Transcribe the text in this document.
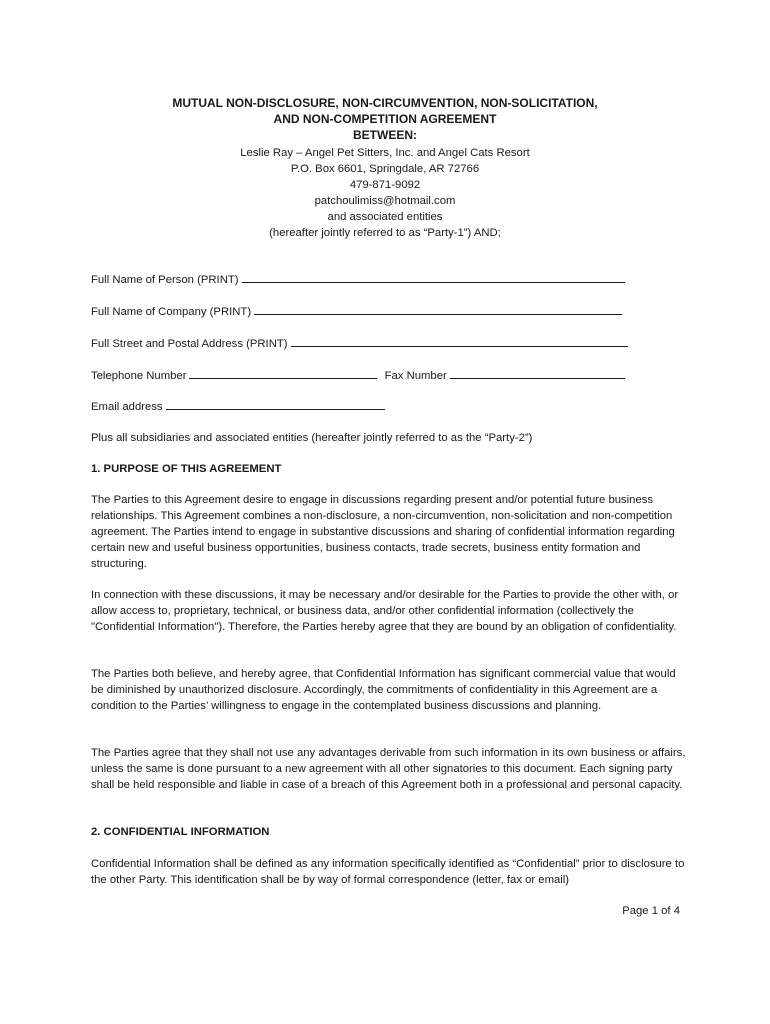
MUTUAL NON-DISCLOSURE, NON-CIRCUMVENTION, NON-SOLICITATION,
AND NON-COMPETITION AGREEMENT
BETWEEN:
Leslie Ray – Angel Pet Sitters, Inc. and Angel Cats Resort
P.O. Box 6601, Springdale, AR 72766
479-871-9092
patchoulimiss@hotmail.com
and associated entities
(hereafter jointly referred to as “Party-1”) AND;
Full Name of Person (PRINT)
Full Name of Company (PRINT)
Full Street and Postal Address (PRINT)
Telephone Number	Fax Number
Email address
Plus all subsidiaries and associated entities (hereafter jointly referred to as the “Party-2”)
1. PURPOSE OF THIS AGREEMENT
The Parties to this Agreement desire to engage in discussions regarding present and/or potential future business relationships. This Agreement combines a non-disclosure, a non-circumvention, non-solicitation and non-competition agreement. The Parties intend to engage in substantive discussions and sharing of confidential information regarding certain new and useful business opportunities, business contacts, trade secrets, business entity formation and structuring.
In connection with these discussions, it may be necessary and/or desirable for the Parties to provide the other with, or allow access to, proprietary, technical, or business data, and/or other confidential information (collectively the "Confidential Information"). Therefore, the Parties hereby agree that they are bound by an obligation of confidentiality.
The Parties both believe, and hereby agree, that Confidential Information has significant commercial value that would be diminished by unauthorized disclosure. Accordingly, the commitments of confidentiality in this Agreement are a condition to the Parties’ willingness to engage in the contemplated business discussions and planning.
The Parties agree that they shall not use any advantages derivable from such information in its own business or affairs, unless the same is done pursuant to a new agreement with all other signatories to this document. Each signing party shall be held responsible and liable in case of a breach of this Agreement both in a professional and personal capacity.
2. CONFIDENTIAL INFORMATION
Confidential Information shall be defined as any information specifically identified as “Confidential” prior to disclosure to the other Party. This identification shall be by way of formal correspondence (letter, fax or email)
Page 1 of 4
